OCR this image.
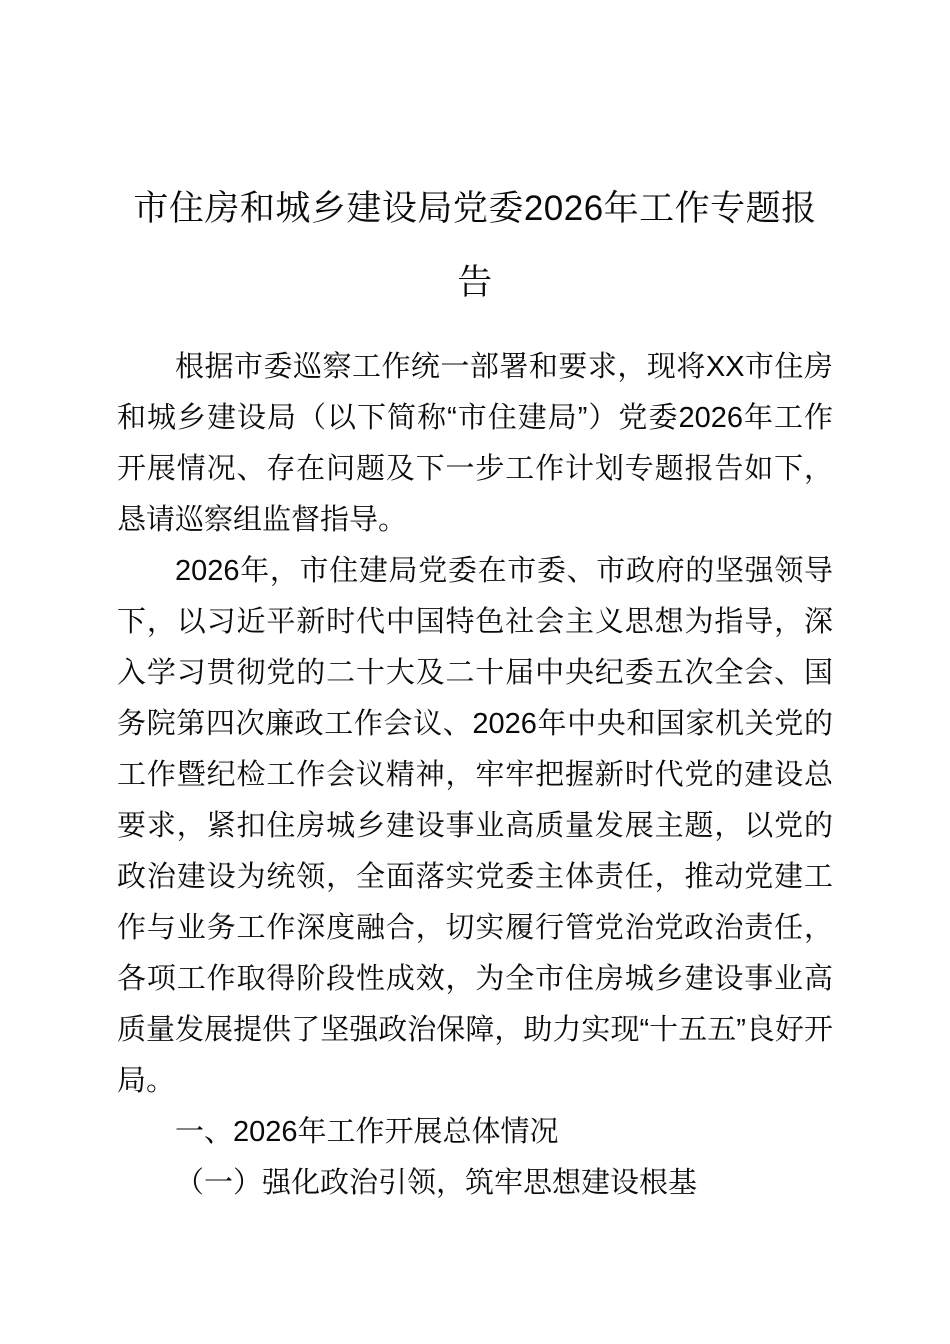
市住房和城乡建设局党委2026年工作专题报告

根据市委巡察工作统一部署和要求，现将XX市住房和城乡建设局（以下简称“市住建局”）党委2026年工作开展情况、存在问题及下一步工作计划专题报告如下，恳请巡察组监督指导。

2026年，市住建局党委在市委、市政府的坚强领导下，以习近平新时代中国特色社会主义思想为指导，深入学习贯彻党的二十大及二十届中央纪委五次全会、国务院第四次廉政工作会议、2026年中央和国家机关党的工作暨纪检工作会议精神，牢牢把握新时代党的建设总要求，紧扣住房城乡建设事业高质量发展主题，以党的政治建设为统领，全面落实党委主体责任，推动党建工作与业务工作深度融合，切实履行管党治党政治责任，各项工作取得阶段性成效，为全市住房城乡建设事业高质量发展提供了坚强政治保障，助力实现“十五五”良好开局。

一、2026年工作开展总体情况

（一）强化政治引领，筑牢思想建设根基
